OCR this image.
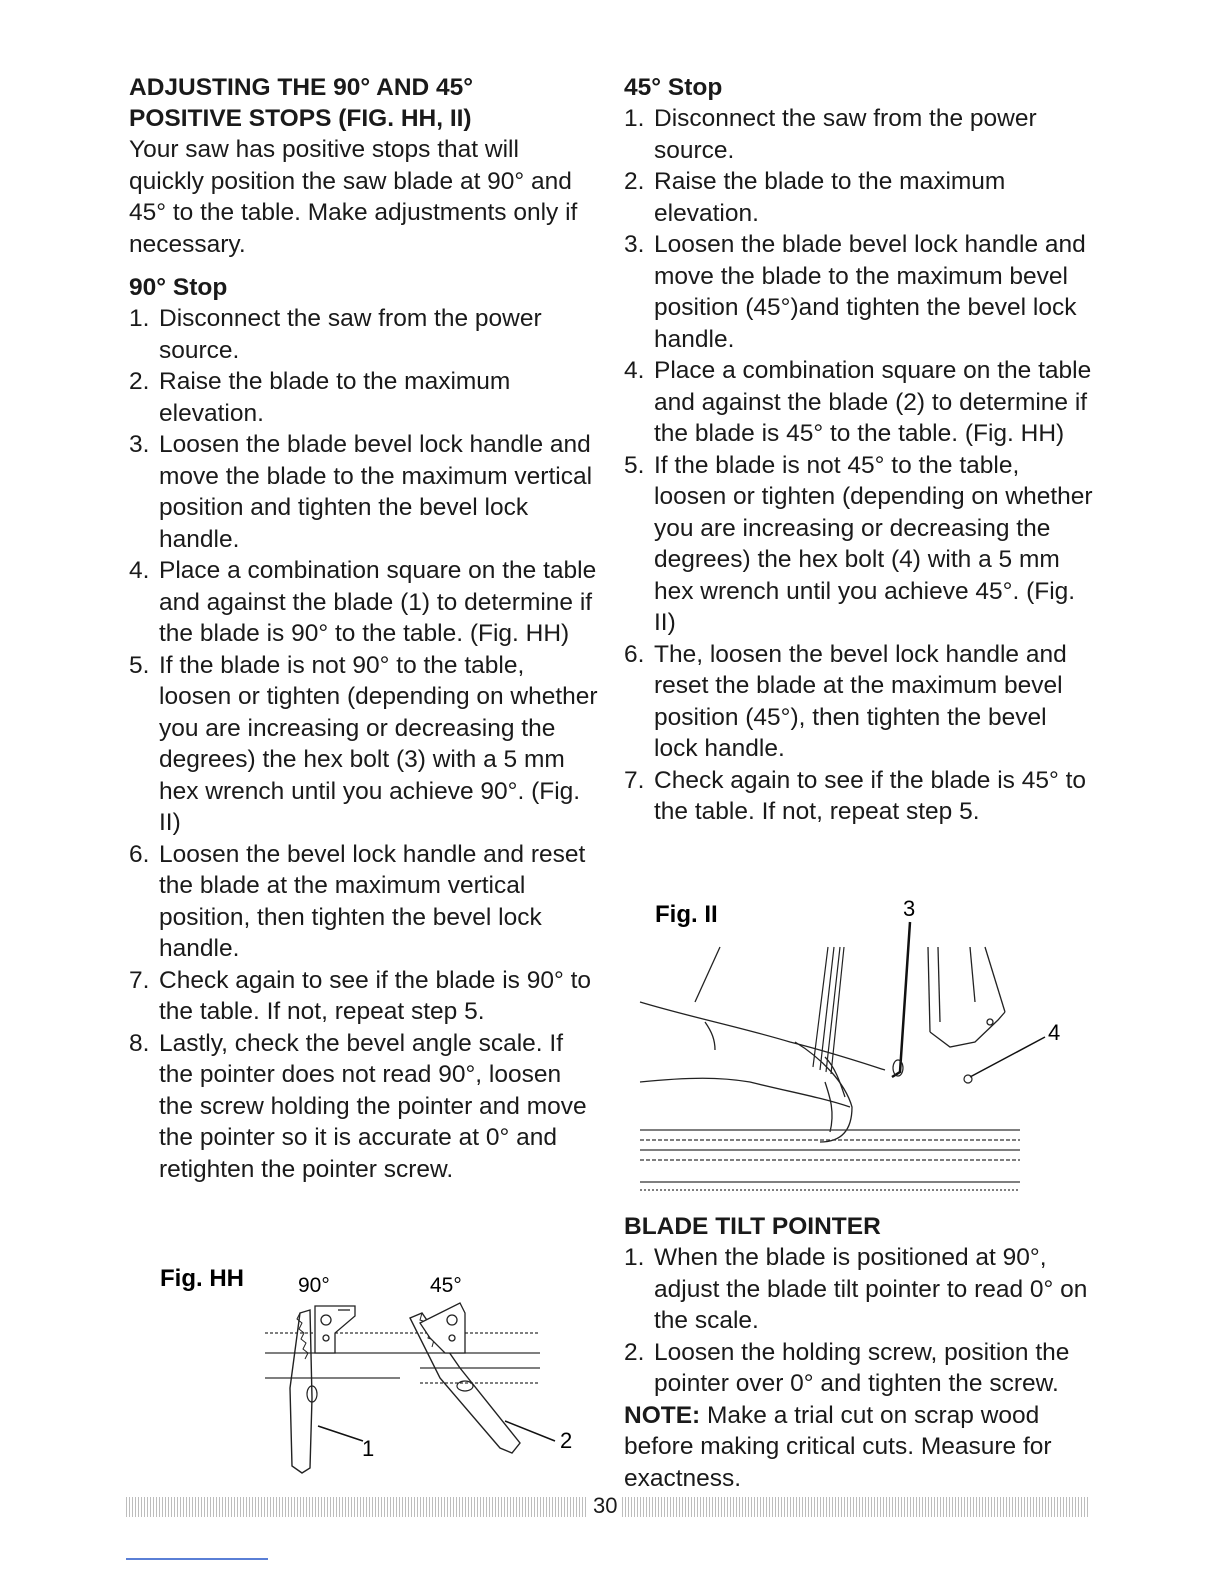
ADJUSTING THE 90° AND 45°
POSITIVE STOPS (FIG. HH, II)

Your saw has positive stops that will quickly position the saw blade at 90° and 45° to the table. Make adjustments only if necessary.

90° Stop
1. Disconnect the saw from the power source.
2. Raise the blade to the maximum elevation.
3. Loosen the blade bevel lock handle and move the blade to the maximum vertical position and tighten the bevel lock handle.
4. Place a combination square on the table and against the blade (1) to determine if the blade is 90° to the table. (Fig. HH)
5. If the blade is not 90° to the table, loosen or tighten (depending on whether you are increasing or decreasing the degrees) the hex bolt (3) with a 5 mm hex wrench until you achieve 90°. (Fig. II)
6. Loosen the bevel lock handle and reset the blade at the maximum vertical position, then tighten the bevel lock handle.
7. Check again to see if the blade is 90° to the table. If not, repeat step 5.
8. Lastly, check the bevel angle scale. If the pointer does not read 90°, loosen the screw holding the pointer and move the pointer so it is accurate at 0° and retighten the pointer screw.
Fig. HH	90°	45°
1	2
45° Stop
1. Disconnect the saw from the power source.
2. Raise the blade to the maximum elevation.
3. Loosen the blade bevel lock handle and move the blade to the maximum bevel position (45°)and tighten the bevel lock handle.
4. Place a combination square on the table and against the blade (2) to determine if the blade is 45° to the table. (Fig. HH)
5. If the blade is not 45° to the table, loosen or tighten (depending on whether you are increasing or decreasing the degrees) the hex bolt (4) with a 5 mm hex wrench until you achieve 45°. (Fig. II)
6. The, loosen the bevel lock handle and reset the blade at the maximum bevel position (45°), then tighten the bevel lock handle.
7. Check again to see if the blade is 45° to the table. If not, repeat step 5.
Fig. II	3
4
BLADE TILT POINTER
1. When the blade is positioned at 90°, adjust the blade tilt pointer to read 0° on the scale.
2. Loosen the holding screw, position the pointer over 0° and tighten the screw.

NOTE: Make a trial cut on scrap wood before making critical cuts. Measure for exactness.

30
